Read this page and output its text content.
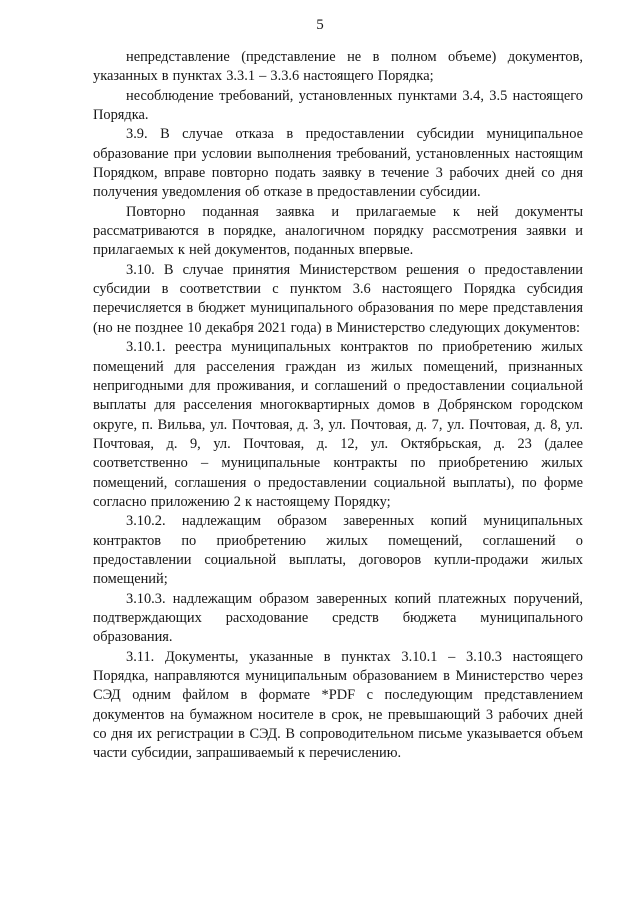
5

непредставление (представление не в полном объеме) документов, указанных в пунктах 3.3.1 – 3.3.6 настоящего Порядка;

несоблюдение требований, установленных пунктами 3.4, 3.5 настоящего Порядка.

3.9. В случае отказа в предоставлении субсидии муниципальное образование при условии выполнения требований, установленных настоящим Порядком, вправе повторно подать заявку в течение 3 рабочих дней со дня получения уведомления об отказе в предоставлении субсидии.

Повторно поданная заявка и прилагаемые к ней документы рассматриваются в порядке, аналогичном порядку рассмотрения заявки и прилагаемых к ней документов, поданных впервые.

3.10. В случае принятия Министерством решения о предоставлении субсидии в соответствии с пунктом 3.6 настоящего Порядка субсидия перечисляется в бюджет муниципального образования по мере представления (но не позднее 10 декабря 2021 года) в Министерство следующих документов:

3.10.1. реестра муниципальных контрактов по приобретению жилых помещений для расселения граждан из жилых помещений, признанных непригодными для проживания, и соглашений о предоставлении социальной выплаты для расселения многоквартирных домов в Добрянском городском округе, п. Вильва, ул. Почтовая, д. 3, ул. Почтовая, д. 7, ул. Почтовая, д. 8, ул. Почтовая, д. 9, ул. Почтовая, д. 12, ул. Октябрьская, д. 23 (далее соответственно – муниципальные контракты по приобретению жилых помещений, соглашения о предоставлении социальной выплаты), по форме согласно приложению 2 к настоящему Порядку;

3.10.2. надлежащим образом заверенных копий муниципальных контрактов по приобретению жилых помещений, соглашений о предоставлении социальной выплаты, договоров купли-продажи жилых помещений;

3.10.3. надлежащим образом заверенных копий платежных поручений, подтверждающих расходование средств бюджета муниципального образования.

3.11. Документы, указанные в пунктах 3.10.1 – 3.10.3 настоящего Порядка, направляются муниципальным образованием в Министерство через СЭД одним файлом в формате *PDF с последующим представлением документов на бумажном носителе в срок, не превышающий 3 рабочих дней со дня их регистрации в СЭД. В сопроводительном письме указывается объем части субсидии, запрашиваемый к перечислению.
